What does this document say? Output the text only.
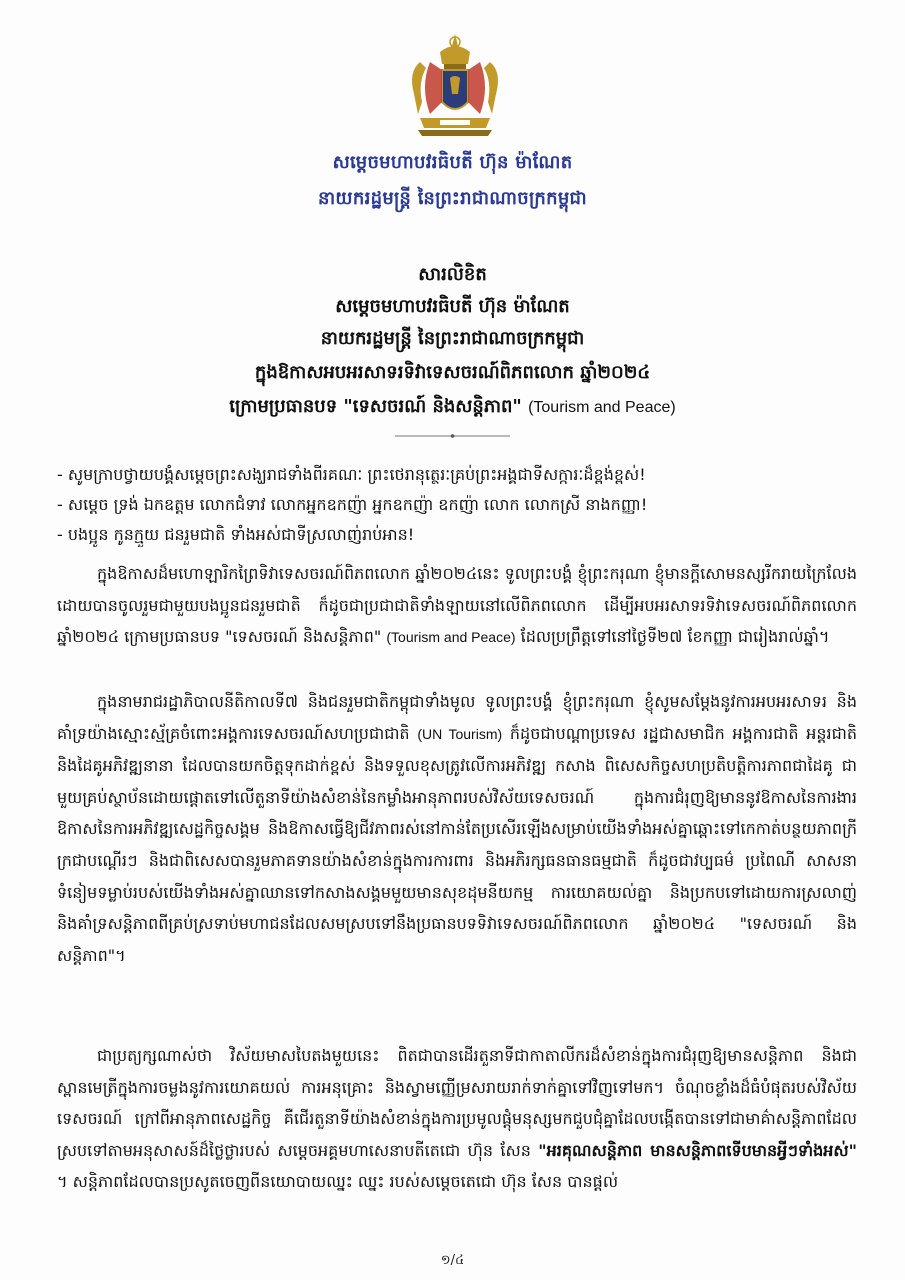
សម្ដេចមហាបវរធិបតី ហ៊ុន ម៉ាណែត
នាយករដ្ឋមន្ត្រី នៃព្រះរាជាណាចក្រកម្ពុជា
សារលិខិត
សម្ដេចមហាបវរធិបតី ហ៊ុន ម៉ាណែត
នាយករដ្ឋមន្ត្រី នៃព្រះរាជាណាចក្រកម្ពុជា
ក្នុងឱកាសអបអរសាទរទិវាទេសចរណ៍ពិភពលោក ឆ្នាំ២០២៤
ក្រោមប្រធានបទ "ទេសចរណ៍ និងសន្តិភាព" (Tourism and Peace)
- សូមក្រាបថ្វាយបង្គំសម្ដេចព្រះសង្ឃរាជទាំងពីរគណៈ ព្រះថេរានុត្ថេរៈគ្រប់ព្រះអង្គជាទីសក្ការៈដ៏ខ្ពង់ខ្ពស់!
- សម្ដេច ទ្រង់ ឯកឧត្ដម លោកជំទាវ លោកអ្នកឧកញ៉ា អ្នកឧកញ៉ា ឧកញ៉ា លោក លោកស្រី នាងកញ្ញា!
- បងប្អូន កូនក្មួយ ជនរួមជាតិ ទាំងអស់ជាទីស្រលាញ់រាប់អាន!

ក្នុងឱកាសដ៏មហោឡារិកព្រៃទិវាទេសចរណ៍ពិភពលោក ឆ្នាំ២០២៤នេះ ទូលព្រះបង្គំ ខ្ញុំព្រះករុណា ខ្ញុំមានក្ដីសោមនស្សរីករាយក្រៃលែង ដោយបានចូលរួមជាមួយបងប្អូនជនរួមជាតិ ក៏ដូចជាប្រជាជាតិទាំងឡាយនៅលើពិភពលោក ដើម្បីអបអរសាទរទិវាទេសចរណ៍ពិភពលោក ឆ្នាំ២០២៤ ក្រោមប្រធានបទ "ទេសចរណ៍ និងសន្តិភាព" (Tourism and Peace) ដែលប្រព្រឹត្តទៅនៅថ្ងៃទី២៧ ខែកញ្ញា ជារៀងរាល់ឆ្នាំ។

ក្នុងនាមរាជរដ្ឋាភិបាលនីតិកាលទី៧ និងជនរួមជាតិកម្ពុជាទាំងមូល ទូលព្រះបង្គំ ខ្ញុំព្រះករុណា ខ្ញុំសូមសម្ដែងនូវការអបអរសាទរ និងគាំទ្រយ៉ាងស្មោះស្ម័គ្រចំពោះអង្គការទេសចរណ៍សហប្រជាជាតិ (UN Tourism) ក៏ដូចជាបណ្ដាប្រទេស រដ្ឋជាសមាជិក អង្គការជាតិ អន្តរជាតិ និងដៃគូអភិវឌ្ឍនានា ដែលបានយកចិត្តទុកដាក់ខ្ពស់ និងទទួលខុសត្រូវលើការអភិវឌ្ឍ កសាង ពិសេសកិច្ចសហប្រតិបត្តិការភាពជាដៃគូ ជាមួយគ្រប់ស្ថាប័នដោយផ្ដោតទៅលើតួនាទីយ៉ាងសំខាន់នៃកម្លាំងអានុភាពរបស់វិស័យទេសចរណ៍ ក្នុងការជំរុញឱ្យមាននូវឱកាសនៃការងារ ឱកាសនៃការអភិវឌ្ឍសេដ្ឋកិច្ចសង្គម និងឱកាសធ្វើឱ្យជីវភាពរស់នៅកាន់តែប្រសើរឡើងសម្រាប់យើងទាំងអស់គ្នាឆ្ពោះទៅកេកាត់បន្ថយភាពក្រីក្រជាបណ្ដើរៗ និងជាពិសេសបានរួមភាគទានយ៉ាងសំខាន់ក្នុងការការពារ និងអភិរក្សធនធានធម្មជាតិ ក៏ដូចជាវប្បធម៌ ប្រពៃណី សាសនា ទំនៀមទម្លាប់របស់យើងទាំងអស់គ្នាឈានទៅកសាងសង្គមមួយមានសុខដុមនីយកម្ម ការយោគយល់គ្នា និងប្រកបទៅដោយការស្រលាញ់ និងគាំទ្រសន្តិភាពពីគ្រប់ស្រទាប់មហាជនដែលសមស្របទៅនឹងប្រធានបទទិវាទេសចរណ៍ពិភពលោក ឆ្នាំ២០២៤ "ទេសចរណ៍ និងសន្តិភាព"។

ជាប្រត្យក្សណាស់ថា វិស័យមាសបៃតងមួយនេះ ពិតជាបានដើរតួនាទីជាកាតាលីករដ៏សំខាន់ក្នុងការជំរុញឱ្យមានសន្តិភាព និងជាស្ពានមេត្រីក្នុងការចម្លងនូវការយោគយល់ ការអនុគ្រោះ និងស្វាមញ្ញើម្រសរាយរាក់ទាក់គ្នាទៅវិញទៅមក។ ចំណុចខ្លាំងដ៏ធំបំផុតរបស់វិស័យទេសចរណ៍ ក្រៅពីអានុភាពសេដ្ឋកិច្ច គឺជើរតួនាទីយ៉ាងសំខាន់ក្នុងការប្រមូលផ្ដុំមនុស្សមកជួបជុំគ្នាដែលបង្កើតបានទៅជាមាគ៌ាសន្តិភាពដែលស្របទៅតាមអនុសាសន៍ដ៏ថ្លៃថ្លារបស់ សម្ដេចអគ្គមហាសេនាបតីតេជោ ហ៊ុន សែន "អរគុណសន្តិភាព មានសន្តិភាពទើបមានអ្វីៗទាំងអស់" ។ សន្តិភាពដែលបានប្រសូតចេញពីនយោបាយឈ្នះ ឈ្នះ របស់សម្ដេចតេជោ ហ៊ុន សែន បានផ្ដល់

១/៤
